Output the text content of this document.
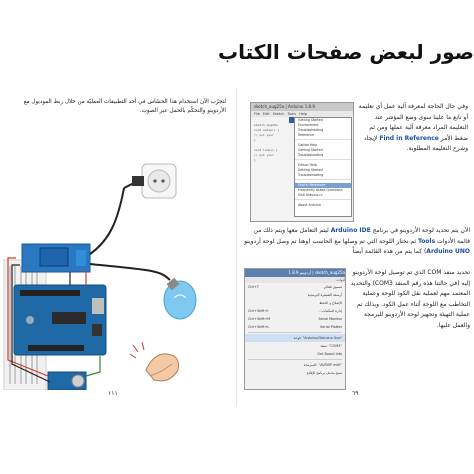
صور لبعض صفحات الكتاب
لنجرّب الآن استخدام هذا الحسّاس في أحد التطبيقات العمليّة من خلال ربط الموديول مع الأردوينو والتحكّم بالحمل عبر الصوت.
١١١
sketch_aug25a | Arduino 1.8.9
File Edit Sketch Tools Help
sketch_aug25a
void setup() {
// put your
}

void loop() {
// put your
}
Getting Started
Environment
Troubleshooting
Reference
Galileo Help
Getting Started
Troubleshooting
Edison Help
Getting Started
Troubleshooting
Find in Reference
Frequently Asked Questions
Visit Arduino.cc
About Arduino
وفي حال الحاجة لمعرفة آلية عمل أي تعليمة أو تابع ما علينا سوى وضع المؤشر عند التعليمة المراد معرفة آلية عملها ومن ثم ضغط الأمر Find in Reference لإيجاد وشرح التعليمة المطلوبة.
الآن يتم تحديد لوحة الأردوينو في برنامج Arduino IDE ليتم التعامل معها ويتم ذلك من قائمة الأدوات Tools ثم نختار اللوحة التي تم وصلها مع الحاسب (وهنا تم وصل لوحة أردوينو Arduino UNO) كما يتم من هذه القائمة أيضاً
sketch_aug25a | أردوينو 1.8.9
أدوات
Ctrl+T	تنسيق تلقائي
أرشفة الشيفرة البرمجية
الإصلاح و الحفظ
Ctrl+Shift+I	إدارة المكتبات...
Ctrl+Shift+M	Serial Monitor
Ctrl+Shift+L	Serial Plotter
"Arduino/Genuino Uno" :لوحة
"COM3" :منفذ
Get Board Info
"AVRISP mkII" :المبرمجة
نسخ محمل برنامج الإقلاع
تحديد منفذ COM الذي تم توصيل لوحة الأردوينو إليه (في حالتنا هذه رقم المنفذ COM3) والتحديد المعتمد مهم لعملية نقل الكود للوحة وعملية التخاطب مع اللوحة أثناء عمل الكود. وبذلك تم عملية التهيئة وتجهيز لوحة الأردوينو للبرمجة والعمل عليها.
٦٩
